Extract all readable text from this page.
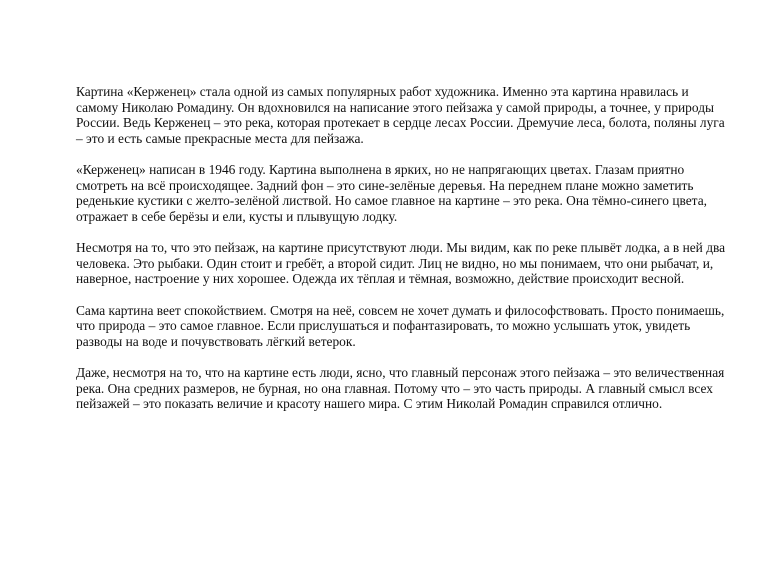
Картина «Керженец» стала одной из самых популярных работ художника. Именно эта картина нравилась и самому Николаю Ромадину. Он вдохновился на написание этого пейзажа у самой природы, а точнее, у природы России. Ведь Керженец – это река, которая протекает в сердце лесах России. Дремучие леса, болота, поляны луга – это и есть самые прекрасные места для пейзажа.

«Керженец» написан в 1946 году. Картина выполнена в ярких, но не напрягающих цветах. Глазам приятно смотреть на всё происходящее. Задний фон – это сине-зелёные деревья. На переднем плане можно заметить реденькие кустики с желто-зелёной листвой. Но самое главное на картине – это река. Она тёмно-синего цвета, отражает в себе берёзы и ели, кусты и плывущую лодку.

Несмотря на то, что это пейзаж, на картине присутствуют люди. Мы видим, как по реке плывёт лодка, а в ней два человека. Это рыбаки. Один стоит и гребёт, а второй сидит. Лиц не видно, но мы понимаем, что они рыбачат, и, наверное, настроение у них хорошее. Одежда их тёплая и тёмная, возможно, действие происходит весной.

Сама картина веет спокойствием. Смотря на неё, совсем не хочет думать и философствовать. Просто понимаешь, что природа – это самое главное. Если прислушаться и пофантазировать, то можно услышать уток, увидеть разводы на воде и почувствовать лёгкий ветерок.

Даже, несмотря на то, что на картине есть люди, ясно, что главный персонаж этого пейзажа – это величественная река. Она средних размеров, не бурная, но она главная. Потому что – это часть природы. А главный смысл всех пейзажей – это показать величие и красоту нашего мира. С этим Николай Ромадин справился отлично.
